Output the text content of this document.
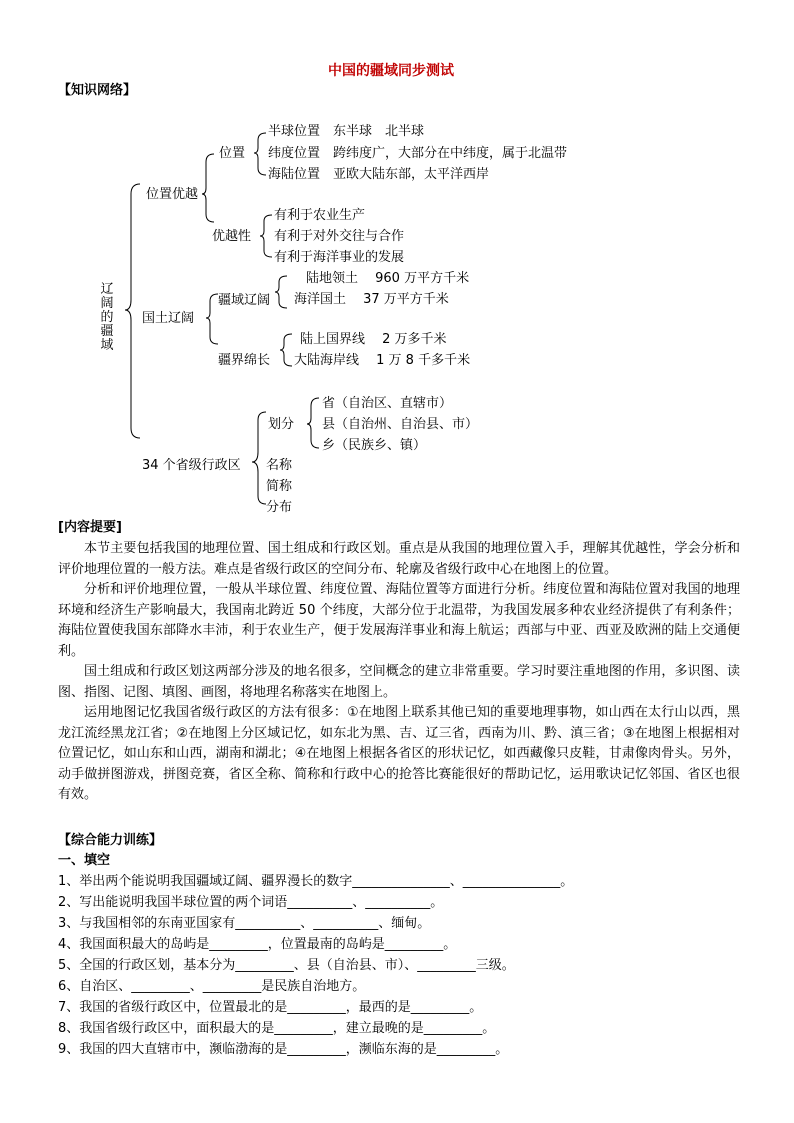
中国的疆域同步测试
【知识网络】
辽阔的疆域
位置优越
位置
半球位置　东半球　北半球
纬度位置　跨纬度广，大部分在中纬度，属于北温带
海陆位置　亚欧大陆东部，太平洋西岸
优越性
有利于农业生产
有利于对外交往与合作
有利于海洋事业的发展
国土辽阔
疆域辽阔
陆地领土　 960 万平方千米
海洋国土　 37 万平方千米
疆界绵长
陆上国界线　 2 万多千米
大陆海岸线　 1 万 8 千多千米
34 个省级行政区
划分
省（自治区、直辖市）
县（自治州、自治县、市）
乡（民族乡、镇）
名称
简称
分布
[内容提要]
本节主要包括我国的地理位置、国土组成和行政区划。重点是从我国的地理位置入手，理解其优越性，学会分析和评价地理位置的一般方法。难点是省级行政区的空间分布、轮廓及省级行政中心在地图上的位置。
分析和评价地理位置，一般从半球位置、纬度位置、海陆位置等方面进行分析。纬度位置和海陆位置对我国的地理环境和经济生产影响最大，我国南北跨近 50 个纬度，大部分位于北温带，为我国发展多种农业经济提供了有利条件；海陆位置使我国东部降水丰沛，利于农业生产，便于发展海洋事业和海上航运；西部与中亚、西亚及欧洲的陆上交通便利。
国土组成和行政区划这两部分涉及的地名很多，空间概念的建立非常重要。学习时要注重地图的作用，多识图、读图、指图、记图、填图、画图，将地理名称落实在地图上。
运用地图记忆我国省级行政区的方法有很多：①在地图上联系其他已知的重要地理事物，如山西在太行山以西，黑龙江流经黑龙江省；②在地图上分区域记忆，如东北为黑、吉、辽三省，西南为川、黔、滇三省；③在地图上根据相对位置记忆，如山东和山西，湖南和湖北；④在地图上根据各省区的形状记忆，如西藏像只皮鞋，甘肃像肉骨头。另外，动手做拼图游戏，拼图竞赛，省区全称、简称和行政中心的抢答比赛能很好的帮助记忆，运用歌诀记忆邻国、省区也很有效。
【综合能力训练】
一、填空
1、举出两个能说明我国疆域辽阔、疆界漫长的数字_______________、_______________。
2、写出能说明我国半球位置的两个词语__________、__________。
3、与我国相邻的东南亚国家有__________、__________、缅甸。
4、我国面积最大的岛屿是_________，位置最南的岛屿是_________。
5、全国的行政区划，基本分为_________、县（自治县、市）、_________三级。
6、自治区、_________、_________是民族自治地方。
7、我国的省级行政区中，位置最北的是_________，最西的是_________。
8、我国省级行政区中，面积最大的是_________，建立最晚的是_________。
9、我国的四大直辖市中，濒临渤海的是_________，濒临东海的是_________。
